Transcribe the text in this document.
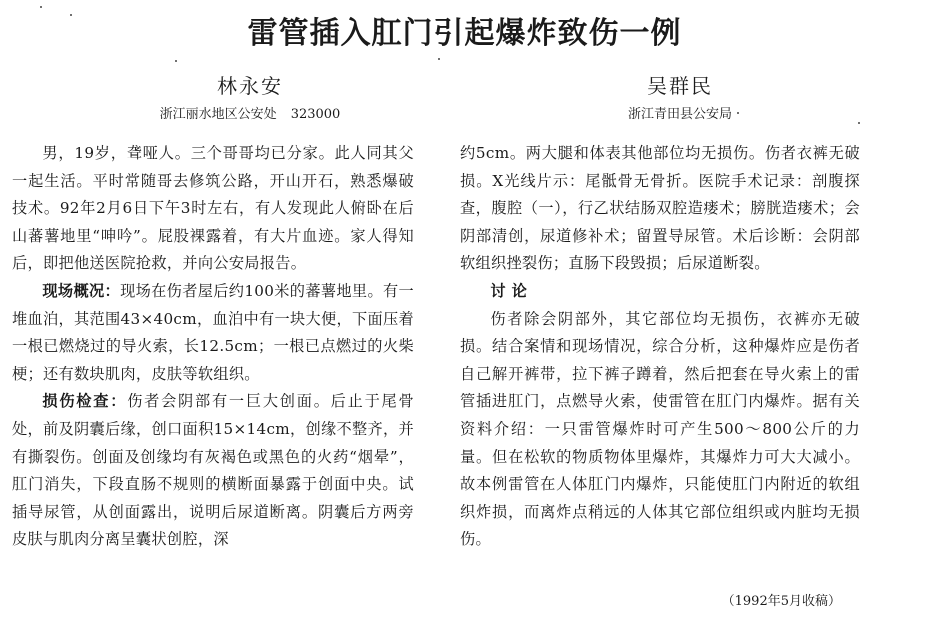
雷管插入肛门引起爆炸致伤一例

林永安

浙江丽水地区公安处 323000

吴群民

浙江青田县公安局

男，19岁，聋哑人。三个哥哥均已分家。此人同其父一起生活。平时常随哥去修筑公路，开山开石，熟悉爆破技术。92年2月6日下午3时左右，有人发现此人俯卧在后山蕃薯地里“呻吟”。屁股裸露着，有大片血迹。家人得知后，即把他送医院抢救，并向公安局报告。

现场概况：现场在伤者屋后约100米的蕃薯地里。有一堆血泊，其范围43×40cm，血泊中有一块大便，下面压着一根已燃烧过的导火索，长12.5cm；一根已点燃过的火柴梗；还有数块肌肉，皮肤等软组织。

损伤检查：伤者会阴部有一巨大创面。后止于尾骨处，前及阴囊后缘，创口面积15×14cm，创缘不整齐，并有撕裂伤。创面及创缘均有灰褐色或黑色的火药“烟晕”，肛门消失，下段直肠不规则的横断面暴露于创面中央。试插导尿管，从创面露出，说明后尿道断离。阴囊后方两旁皮肤与肌肉分离呈囊状创腔，深

约5cm。两大腿和体表其他部位均无损伤。伤者衣裤无破损。X光线片示：尾骶骨无骨折。医院手术记录：剖腹探查，腹腔（一），行乙状结肠双腔造瘘术；膀胱造瘘术；会阴部清创，尿道修补术；留置导尿管。术后诊断：会阴部软组织挫裂伤；直肠下段毁损；后尿道断裂。

讨论

伤者除会阴部外，其它部位均无损伤，衣裤亦无破损。结合案情和现场情况，综合分析，这种爆炸应是伤者自己解开裤带，拉下裤子蹲着，然后把套在导火索上的雷管插进肛门，点燃导火索，使雷管在肛门内爆炸。据有关资料介绍：一只雷管爆炸时可产生500～800公斤的力量。但在松软的物质物体里爆炸，其爆炸力可大大减小。故本例雷管在人体肛门内爆炸，只能使肛门内附近的软组织炸损，而离炸点稍远的人体其它部位组织或内脏均无损伤。

（1992年5月收稿）
